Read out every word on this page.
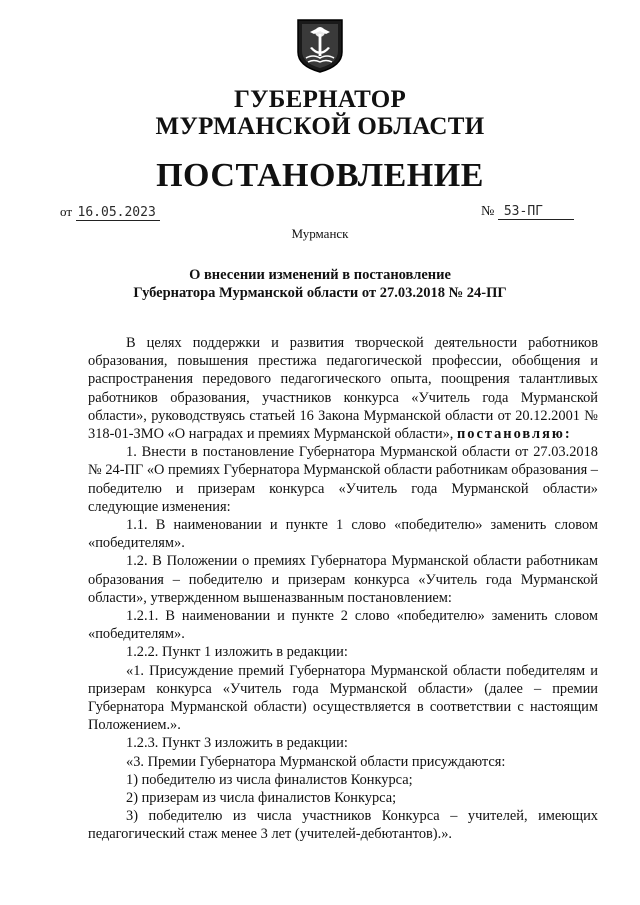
ГУБЕРНАТОР
МУРМАНСКОЙ ОБЛАСТИ
ПОСТАНОВЛЕНИЕ
от 16.05.2023	№ 53-ПГ
Мурманск
О внесении изменений в постановление
Губернатора Мурманской области от 27.03.2018 № 24-ПГ

В целях поддержки и развития творческой деятельности работников образования, повышения престижа педагогической профессии, обобщения и распространения передового педагогического опыта, поощрения талантливых работников образования, участников конкурса «Учитель года Мурманской области», руководствуясь статьей 16 Закона Мурманской области от 20.12.2001 № 318-01-ЗМО «О наградах и премиях Мурманской области», постановляю:

1. Внести в постановление Губернатора Мурманской области от 27.03.2018 № 24-ПГ «О премиях Губернатора Мурманской области работникам образования – победителю и призерам конкурса «Учитель года Мурманской области» следующие изменения:

1.1. В наименовании и пункте 1 слово «победителю» заменить словом «победителям».

1.2. В Положении о премиях Губернатора Мурманской области работникам образования – победителю и призерам конкурса «Учитель года Мурманской области», утвержденном вышеназванным постановлением:

1.2.1. В наименовании и пункте 2 слово «победителю» заменить словом «победителям».

1.2.2. Пункт 1 изложить в редакции:

«1. Присуждение премий Губернатора Мурманской области победителям и призерам конкурса «Учитель года Мурманской области» (далее – премии Губернатора Мурманской области) осуществляется в соответствии с настоящим Положением.».

1.2.3. Пункт 3 изложить в редакции:

«3. Премии Губернатора Мурманской области присуждаются:

1) победителю из числа финалистов Конкурса;

2) призерам из числа финалистов Конкурса;

3) победителю из числа участников Конкурса – учителей, имеющих педагогический стаж менее 3 лет (учителей-дебютантов).».
